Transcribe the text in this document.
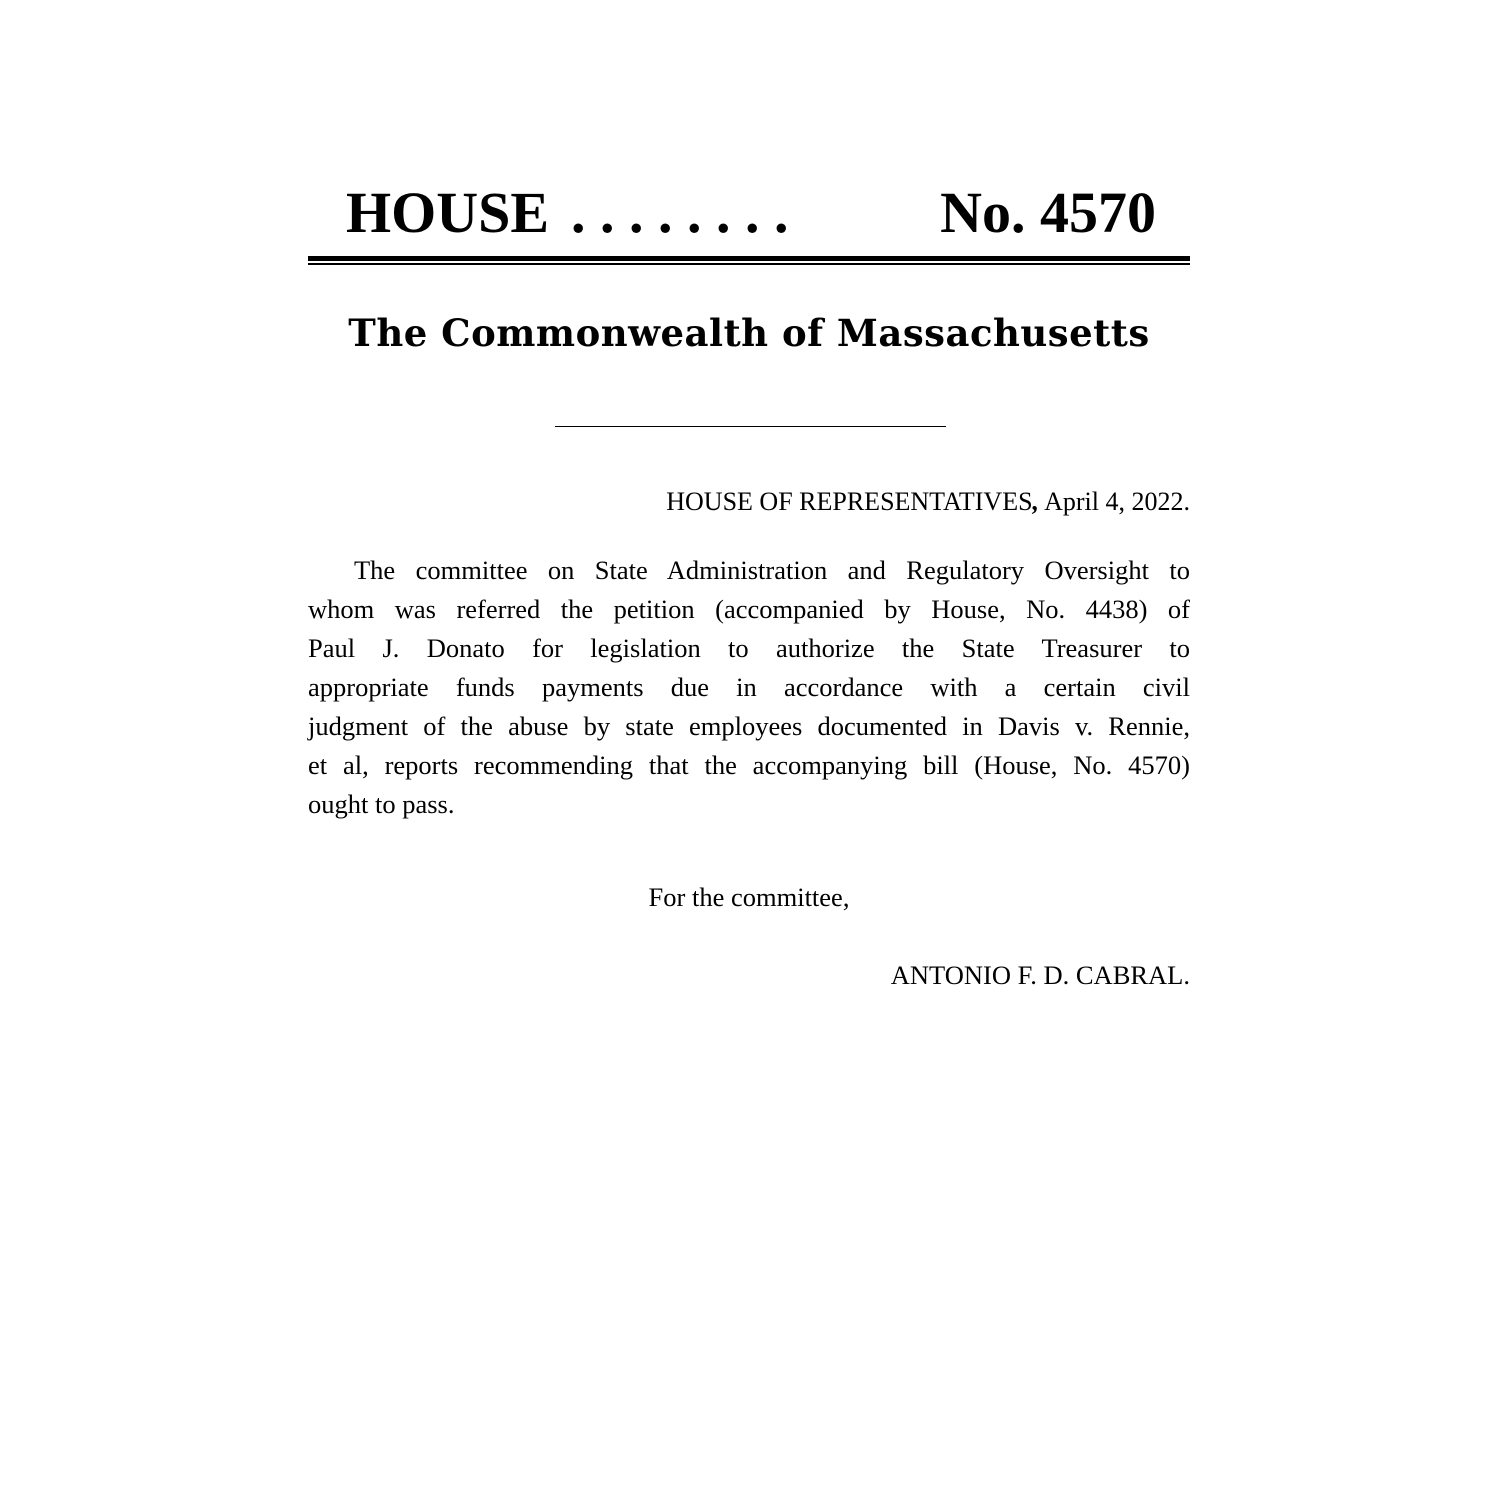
HOUSE . . . . . . . .	No. 4570
The Commonwealth of Massachusetts
HOUSE OF REPRESENTATIVES, April 4, 2022.
The committee on State Administration and Regulatory Oversight to
whom was referred the petition (accompanied by House, No. 4438) of
Paul J. Donato for legislation to authorize the State Treasurer to
appropriate funds payments due in accordance with a certain civil
judgment of the abuse by state employees documented in Davis v. Rennie,
et al, reports recommending that the accompanying bill (House, No. 4570)
ought to pass.
For the committee,
ANTONIO F. D. CABRAL.
